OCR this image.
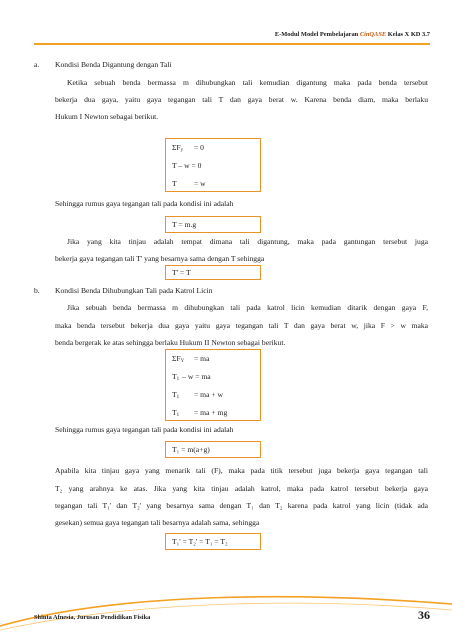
E-Modul Model Pembelajaran CinQASE Kelas X KD 3.7
a. Kondisi Benda Digantung dengan Tali
Ketika sebuah benda bermassa m dihubungkan tali kemudian digantung maka pada benda tersebut
bekerja dua gaya, yaitu gaya tegangan tali T dan gaya berat w. Karena benda diam, maka berlaku
Hukum I Newton sebagai berikut.
$\Sigma F_y$	= 0
T – w = 0
T	= w
Sehingga rumus gaya tegangan tali pada kondisi ini adalah
T = m.g
Jika yang kita tinjau adalah tempat dimana tali digantung, maka pada gantungan tersebut juga
bekerja gaya tegangan tali T' yang besarnya sama dengan T sehingga
T' = T
b. Kondisi Benda Dihubungkan Tali pada Katrol Licin
Jika sebuah benda bermassa m dihubungkan tali pada katrol licin kemudian ditarik dengan gaya F,
maka benda tersebut bekerja dua gaya yaitu gaya tegangan tali T dan gaya berat w, jika F > w maka
benda bergerak ke atas sehingga berlaku Hukum II Newton sebagai berikut.
$\Sigma F_Y$	= ma
$T_1$ – w = ma
$T_1$	= ma + w
$T_1$	= ma + mg
Sehingga rumus gaya tegangan tali pada kondisi ini adalah
T₁ = m(a+g)
Apabila kita tinjau gaya yang menarik tali (F), maka pada titik tersebut juga bekerja gaya tegangan tali
T₂ yang arahnya ke atas. Jika yang kita tinjau adalah katrol, maka pada katrol tersebut bekerja gaya
tegangan tali T₁' dan T₂' yang besarnya sama dengan T₁ dan T₂ karena pada katrol yang licin (tidak ada
gesekan) semua gaya tegangan tali besarnya adalah sama, sehingga
T₁' = T₂' = T₁ = T₂
Shinta Afnesia, Jurusan Pendidikan Fisika	36
